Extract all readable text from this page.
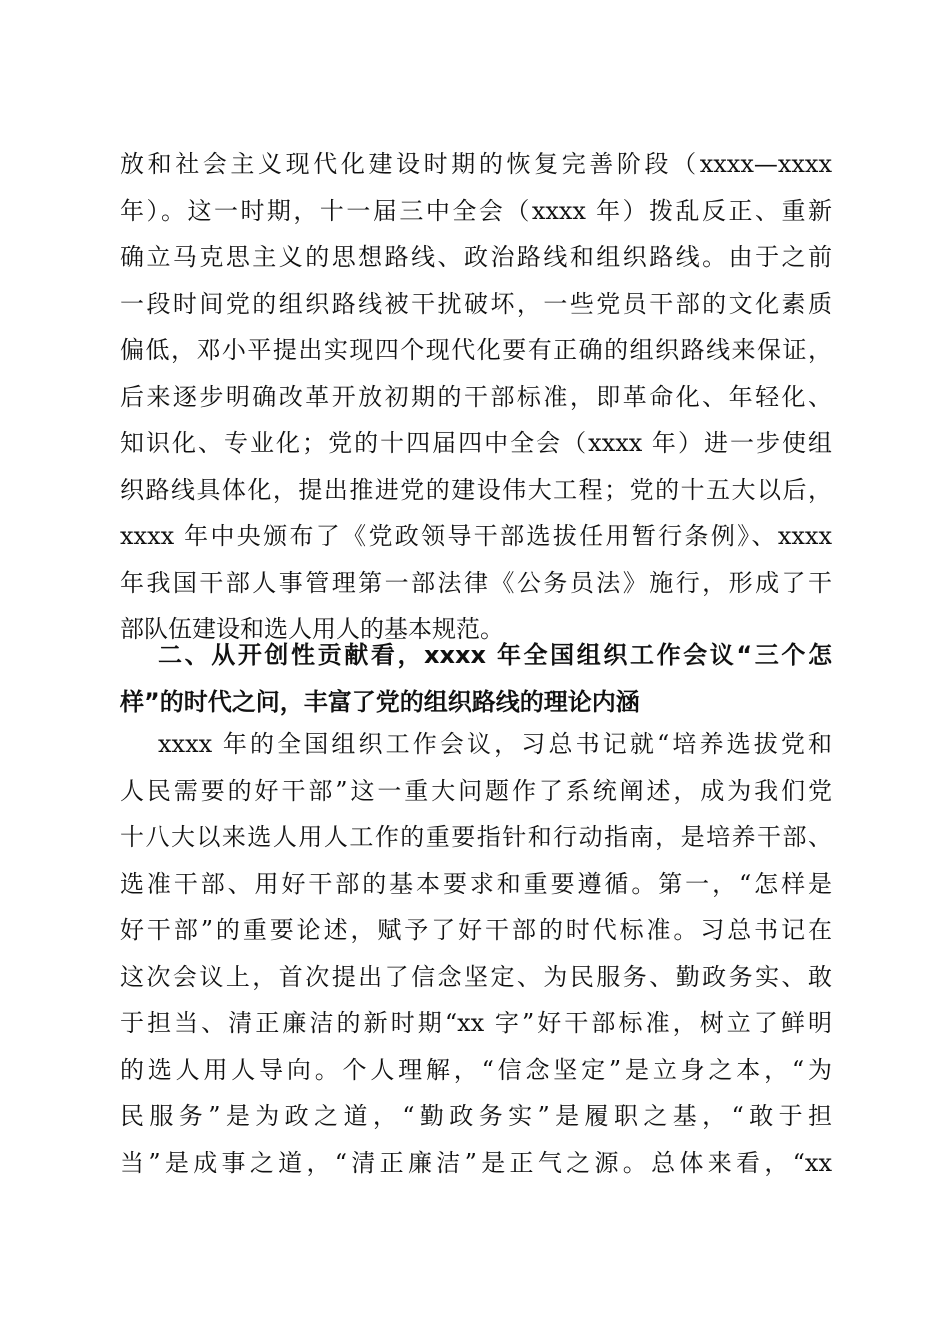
放和社会主义现代化建设时期的恢复完善阶段（xxxx—xxxx
年）。这一时期，十一届三中全会（xxxx 年）拨乱反正、重新
确立马克思主义的思想路线、政治路线和组织路线。由于之前
一段时间党的组织路线被干扰破坏，一些党员干部的文化素质
偏低，邓小平提出实现四个现代化要有正确的组织路线来保证，
后来逐步明确改革开放初期的干部标准，即革命化、年轻化、
知识化、专业化；党的十四届四中全会（xxxx 年）进一步使组
织路线具体化，提出推进党的建设伟大工程；党的十五大以后，
xxxx 年中央颁布了《党政领导干部选拔任用暂行条例》、xxxx
年我国干部人事管理第一部法律《公务员法》施行，形成了干
部队伍建设和选人用人的基本规范。
二、从开创性贡献看，xxxx 年全国组织工作会议“三个怎
样”的时代之问，丰富了党的组织路线的理论内涵
xxxx 年的全国组织工作会议，习总书记就“培养选拔党和
人民需要的好干部”这一重大问题作了系统阐述，成为我们党
十八大以来选人用人工作的重要指针和行动指南，是培养干部、
选准干部、用好干部的基本要求和重要遵循。第一，“怎样是
好干部”的重要论述，赋予了好干部的时代标准。习总书记在
这次会议上，首次提出了信念坚定、为民服务、勤政务实、敢
于担当、清正廉洁的新时期“xx 字”好干部标准，树立了鲜明
的选人用人导向。个人理解，“信念坚定”是立身之本，“为
民服务”是为政之道，“勤政务实”是履职之基，“敢于担
当”是成事之道，“清正廉洁”是正气之源。总体来看，“xx
